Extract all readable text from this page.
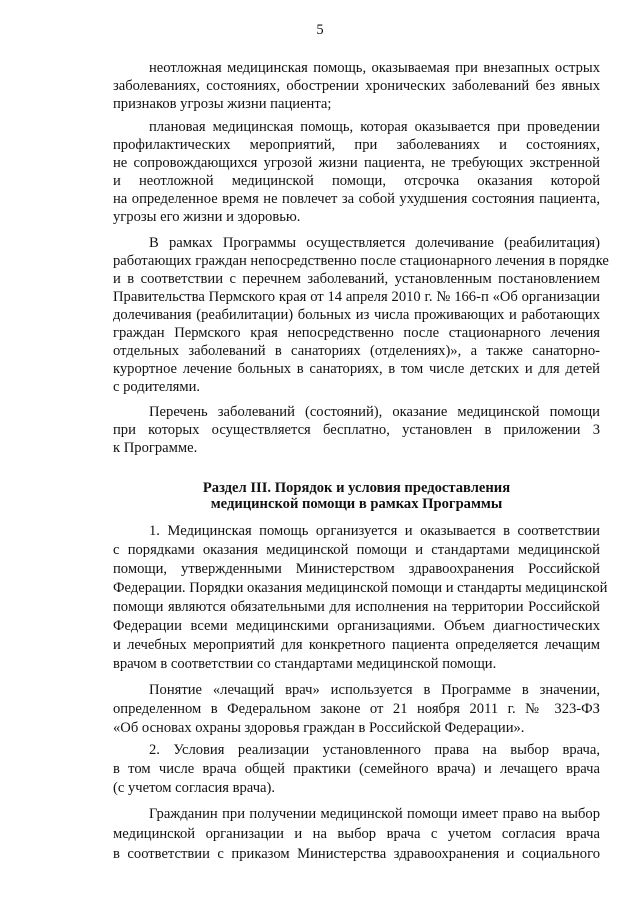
5
неотложная медицинская помощь, оказываемая при внезапных острых
заболеваниях, состояниях, обострении хронических заболеваний без явных
признаков угрозы жизни пациента;
плановая медицинская помощь, которая оказывается при проведении
профилактических мероприятий, при заболеваниях и состояниях,
не сопровождающихся угрозой жизни пациента, не требующих экстренной
и неотложной медицинской помощи, отсрочка оказания которой
на определенное время не повлечет за собой ухудшения состояния пациента,
угрозы его жизни и здоровью.
В рамках Программы осуществляется долечивание (реабилитация)
работающих граждан непосредственно после стационарного лечения в порядке
и в соответствии с перечнем заболеваний, установленным постановлением
Правительства Пермского края от 14 апреля 2010 г. № 166-п «Об организации
долечивания (реабилитации) больных из числа проживающих и работающих
граждан Пермского края непосредственно после стационарного лечения
отдельных заболеваний в санаториях (отделениях)», а также санаторно-
курортное лечение больных в санаториях, в том числе детских и для детей
с родителями.
Перечень заболеваний (состояний), оказание медицинской помощи
при которых осуществляется бесплатно, установлен в приложении 3
к Программе.
Раздел III. Порядок и условия предоставления
медицинской помощи в рамках Программы
1. Медицинская помощь организуется и оказывается в соответствии
с порядками оказания медицинской помощи и стандартами медицинской
помощи, утвержденными Министерством здравоохранения Российской
Федерации. Порядки оказания медицинской помощи и стандарты медицинской
помощи являются обязательными для исполнения на территории Российской
Федерации всеми медицинскими организациями. Объем диагностических
и лечебных мероприятий для конкретного пациента определяется лечащим
врачом в соответствии со стандартами медицинской помощи.
Понятие «лечащий врач» используется в Программе в значении,
определенном в Федеральном законе от 21 ноября 2011 г. № 323-ФЗ
«Об основах охраны здоровья граждан в Российской Федерации».
2. Условия реализации установленного права на выбор врача,
в том числе врача общей практики (семейного врача) и лечащего врача
(с учетом согласия врача).
Гражданин при получении медицинской помощи имеет право на выбор
медицинской организации и на выбор врача с учетом согласия врача
в соответствии с приказом Министерства здравоохранения и социального
